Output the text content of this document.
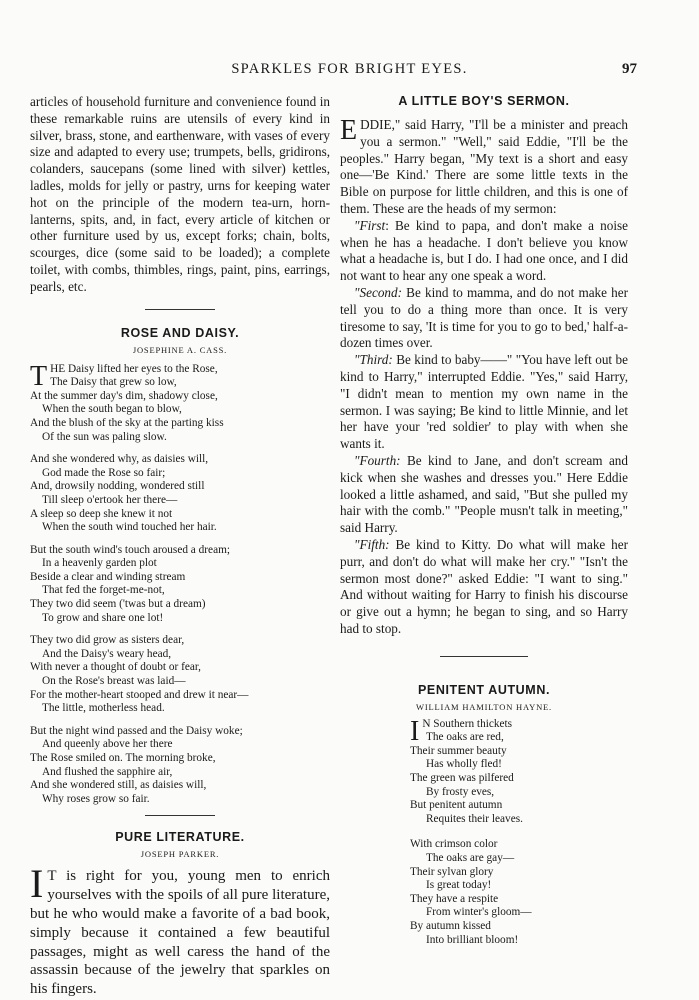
SPARKLES FOR BRIGHT EYES.	97

articles of household furniture and convenience found in these remarkable ruins are utensils of every kind in silver, brass, stone, and earthenware, with vases of every size and adapted to every use; trumpets, bells, gridirons, colanders, saucepans (some lined with silver) kettles, ladles, molds for jelly or pastry, urns for keeping water hot on the principle of the modern tea-urn, horn-lanterns, spits, and, in fact, every article of kitchen or other furniture used by us, except forks; chain, bolts, scourges, dice (some said to be loaded); a complete toilet, with combs, thimbles, rings, paint, pins, earrings, pearls, etc.

ROSE AND DAISY.
JOSEPHINE A. CASS.
T HE Daisy lifted her eyes to the Rose,
The Daisy that grew so low,
At the summer day's dim, shadowy close,
When the south began to blow,
And the blush of the sky at the parting kiss
Of the sun was paling slow.
And she wondered why, as daisies will,
God made the Rose so fair;
And, drowsily nodding, wondered still
Till sleep o'ertook her there—
A sleep so deep she knew it not
When the south wind touched her hair.
But the south wind's touch aroused a dream;
In a heavenly garden plot
Beside a clear and winding stream
That fed the forget-me-not,
They two did seem ('twas but a dream)
To grow and share one lot!
They two did grow as sisters dear,
And the Daisy's weary head,
With never a thought of doubt or fear,
On the Rose's breast was laid—
For the mother-heart stooped and drew it near—
The little, motherless head.
But the night wind passed and the Daisy woke;
And queenly above her there
The Rose smiled on. The morning broke,
And flushed the sapphire air,
And she wondered still, as daisies will,
Why roses grow so fair.
PURE LITERATURE.
JOSEPH PARKER.
I T is right for you, young men to enrich yourselves with the spoils of all pure literature, but he who would make a favorite of a bad book, simply because it contained a few beautiful passages, might as well caress the hand of the assassin because of the jewelry that sparkles on his fingers.
A LITTLE BOY'S SERMON.

EDDIE," said Harry, "I'll be a minister and preach you a sermon." "Well," said Eddie, "I'll be the peoples." Harry began, "My text is a short and easy one—'Be Kind.' There are some little texts in the Bible on purpose for little children, and this is one of them. These are the heads of my sermon:

"First: Be kind to papa, and don't make a noise when he has a headache. I don't believe you know what a headache is, but I do. I had one once, and I did not want to hear any one speak a word.

"Second: Be kind to mamma, and do not make her tell you to do a thing more than once. It is very tiresome to say, 'It is time for you to go to bed,' half-a-dozen times over.

"Third: Be kind to baby——" "You have left out be kind to Harry," interrupted Eddie. "Yes," said Harry, "I didn't mean to mention my own name in the sermon. I was saying; Be kind to little Minnie, and let her have your 'red soldier' to play with when she wants it.

"Fourth: Be kind to Jane, and don't scream and kick when she washes and dresses you." Here Eddie looked a little ashamed, and said, "But she pulled my hair with the comb." "People musn't talk in meeting," said Harry.

"Fifth: Be kind to Kitty. Do what will make her purr, and don't do what will make her cry." "Isn't the sermon most done?" asked Eddie: "I want to sing." And without waiting for Harry to finish his discourse or give out a hymn; he began to sing, and so Harry had to stop.

PENITENT AUTUMN.
WILLIAM HAMILTON HAYNE.
I N Southern thickets
The oaks are red,
Their summer beauty
Has wholly fled!
The green was pilfered
By frosty eves,
But penitent autumn
Requites their leaves.
With crimson color
The oaks are gay—
Their sylvan glory
Is great today!
They have a respite
From winter's gloom—
By autumn kissed
Into brilliant bloom!
